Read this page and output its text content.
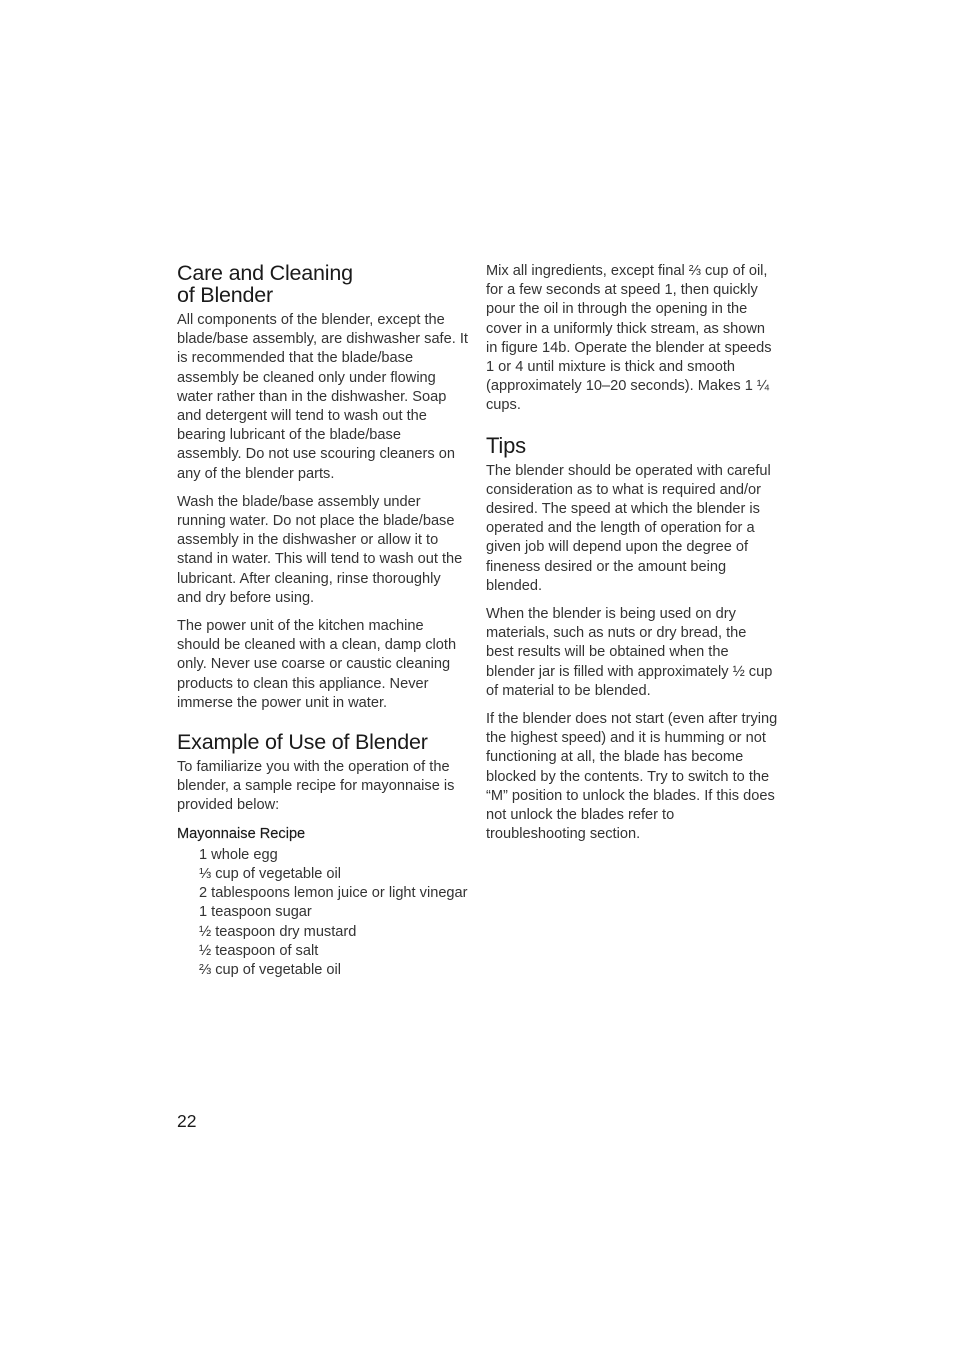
Care and Cleaning
of Blender

All components of the blender, except the blade/base assembly, are dishwasher safe. It is recommended that the blade/base assembly be cleaned only under flowing water rather than in the dishwasher. Soap and detergent will tend to wash out the bearing lubricant of the blade/base assembly. Do not use scouring cleaners on any of the blender parts.

Wash the blade/base assembly under running water. Do not place the blade/base assembly in the dishwasher or allow it to stand in water. This will tend to wash out the lubricant. After cleaning, rinse thoroughly and dry before using.

The power unit of the kitchen machine should be cleaned with a clean, damp cloth only. Never use coarse or caustic cleaning products to clean this appliance. Never immerse the power unit in water.

Example of Use of Blender

To familiarize you with the operation of the blender, a sample recipe for mayonnaise is provided below:

Mayonnaise Recipe
1 whole egg
⅓ cup of vegetable oil
2 tablespoons lemon juice or light vinegar
1 teaspoon sugar
½ teaspoon dry mustard
½ teaspoon of salt
⅔ cup of vegetable oil

Mix all ingredients, except final ⅔ cup of oil, for a few seconds at speed 1, then quickly pour the oil in through the opening in the cover in a uniformly thick stream, as shown in figure 14b. Operate the blender at speeds 1 or 4 until mixture is thick and smooth (approximately 10–20 seconds). Makes 1 ¼ cups.

Tips

The blender should be operated with careful consideration as to what is required and/or desired. The speed at which the blender is operated and the length of operation for a given job will depend upon the degree of fineness desired or the amount being blended.

When the blender is being used on dry materials, such as nuts or dry bread, the best results will be obtained when the blender jar is filled with approximately ½ cup of material to be blended.

If the blender does not start (even after trying the highest speed) and it is humming or not functioning at all, the blade has become blocked by the contents. Try to switch to the “M” position to unlock the blades. If this does not unlock the blades refer to troubleshooting section.

22
